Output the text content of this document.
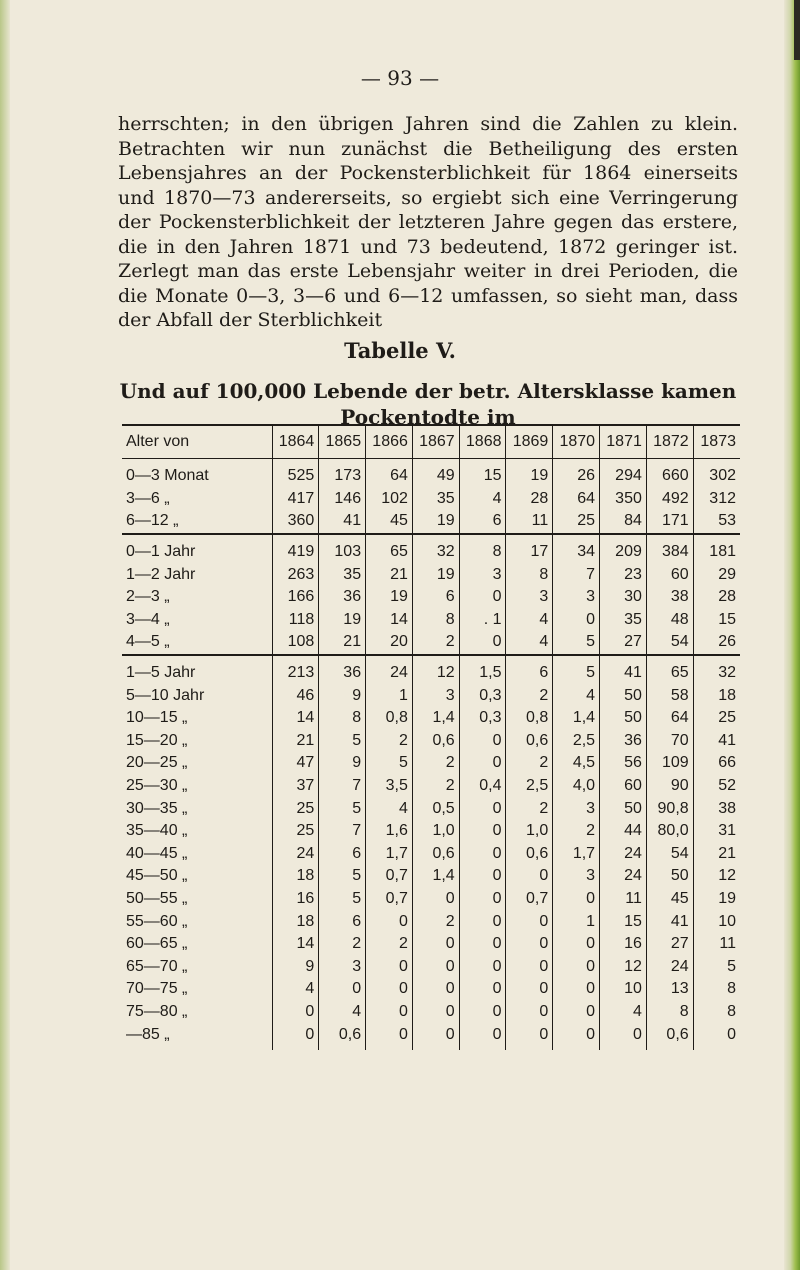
— 93 —

herrschten; in den übrigen Jahren sind die Zahlen zu klein. Betrachten wir nun zunächst die Betheiligung des ersten Lebensjahres an der Pockensterblichkeit für 1864 einerseits und 1870—73 andererseits, so ergiebt sich eine Verringerung der Pockensterblichkeit der letzteren Jahre gegen das erstere, die in den Jahren 1871 und 73 bedeutend, 1872 geringer ist. Zerlegt man das erste Lebensjahr weiter in drei Perioden, die die Monate 0—3, 3—6 und 6—12 umfassen, so sieht man, dass der Abfall der Sterblichkeit

Tabelle V.
Und auf 100,000 Lebende der betr. Altersklasse kamen
Pockentodte im
Alter von	1864	1865	1866	1867	1868	1869	1870	1871	1872	1873
0—3 Monat	525	173	64	49	15	19	26	294	660	302
3—6 „	417	146	102	35	4	28	64	350	492	312
6—12 „	360	41	45	19	6	11	25	84	171	53
0—1 Jahr	419	103	65	32	8	17	34	209	384	181
1—2 Jahr	263	35	21	19	3	8	7	23	60	29
2—3 „	166	36	19	6	0	3	3	30	38	28
3—4 „	118	19	14	8	. 1	4	0	35	48	15
4—5 „	108	21	20	2	0	4	5	27	54	26
1—5 Jahr	213	36	24	12	1,5	6	5	41	65	32
5—10 Jahr	46	9	1	3	0,3	2	4	50	58	18
10—15 „	14	8	0,8	1,4	0,3	0,8	1,4	50	64	25
15—20 „	21	5	2	0,6	0	0,6	2,5	36	70	41
20—25 „	47	9	5	2	0	2	4,5	56	109	66
25—30 „	37	7	3,5	2	0,4	2,5	4,0	60	90	52
30—35 „	25	5	4	0,5	0	2	3	50	90,8	38
35—40 „	25	7	1,6	1,0	0	1,0	2	44	80,0	31
40—45 „	24	6	1,7	0,6	0	0,6	1,7	24	54	21
45—50 „	18	5	0,7	1,4	0	0	3	24	50	12
50—55 „	16	5	0,7	0	0	0,7	0	11	45	19
55—60 „	18	6	0	2	0	0	1	15	41	10
60—65 „	14	2	2	0	0	0	0	16	27	11
65—70 „	9	3	0	0	0	0	0	12	24	5
70—75 „	4	0	0	0	0	0	0	10	13	8
75—80 „	0	4	0	0	0	0	0	4	8	8
—85 „	0	0,6	0	0	0	0	0	0	0,6	0
